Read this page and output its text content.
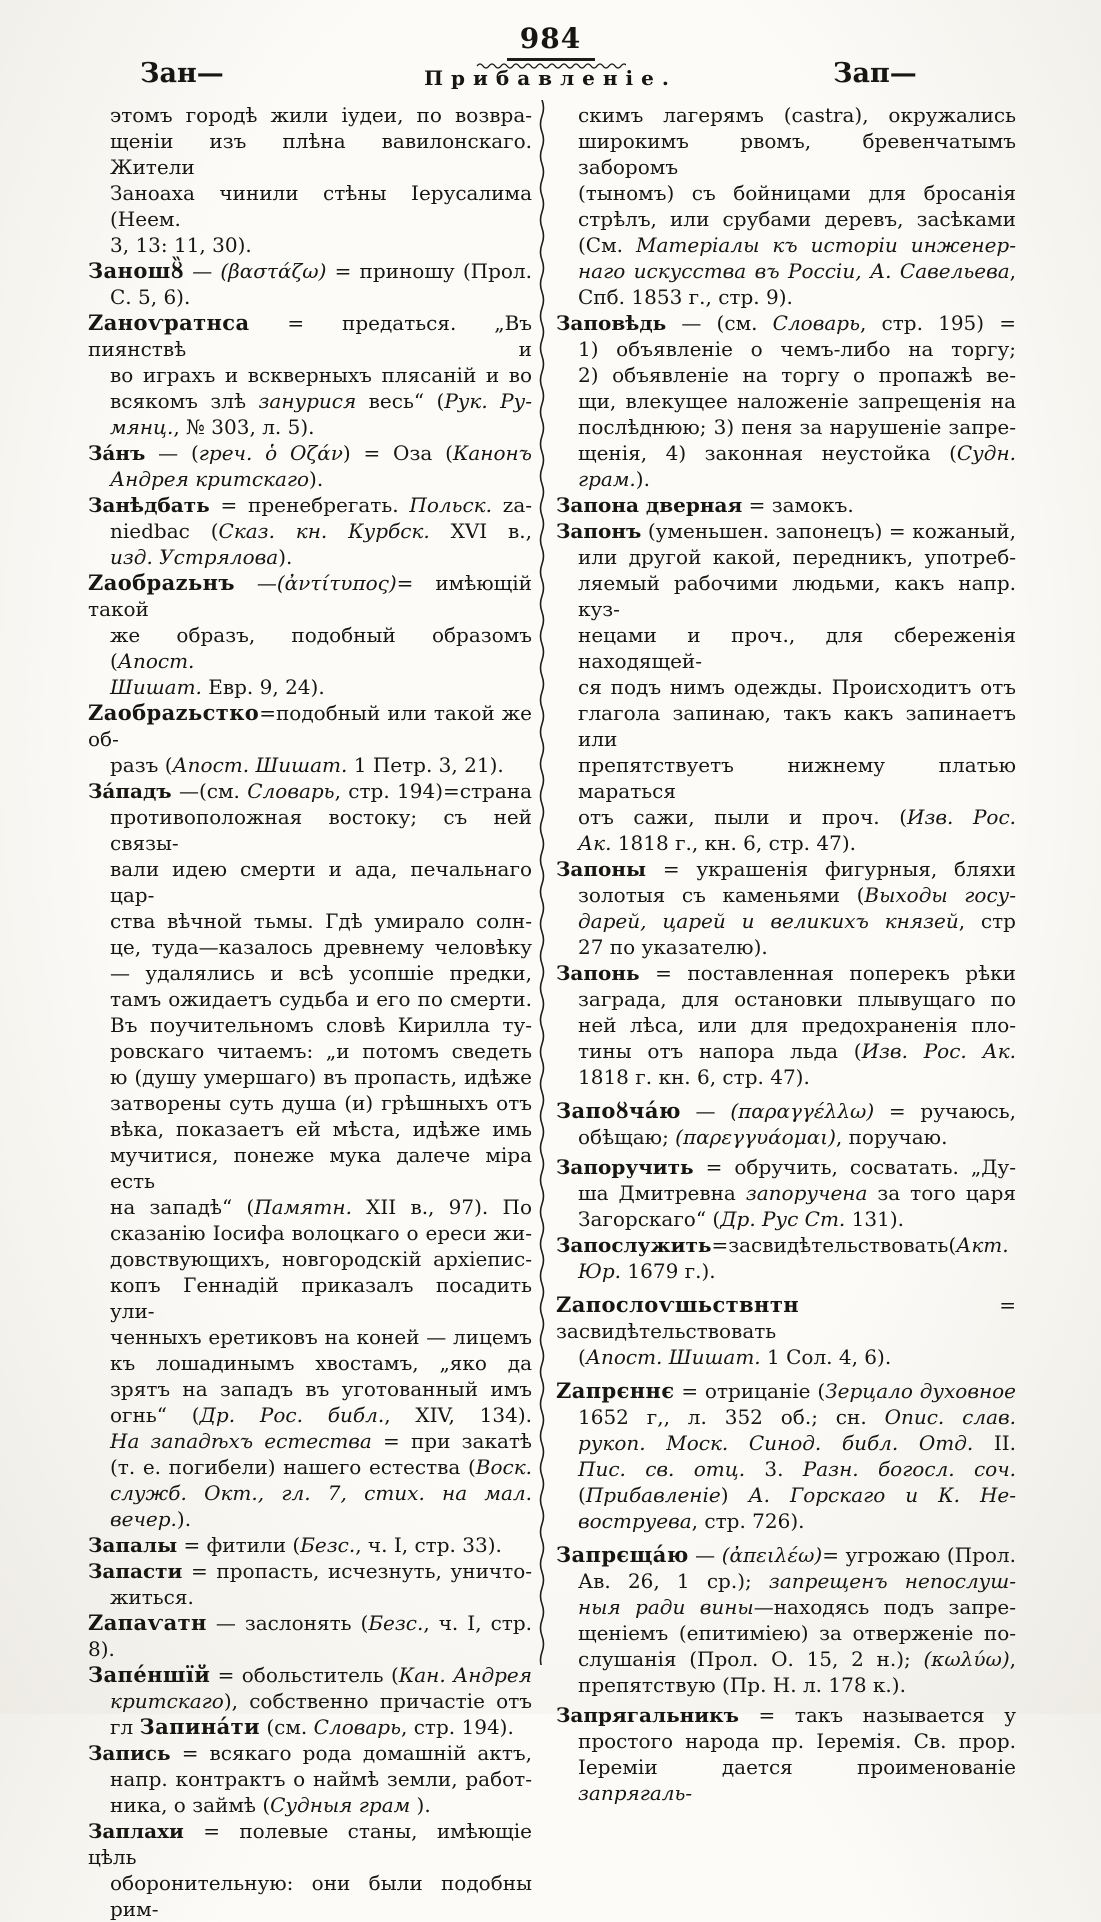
984
Зан—	Прибавленіе.	Зап—
этомъ городѣ жили іудеи, по возвра-
щеніи изъ плѣна вавилонскаго. Жители
Заноаха чинили стѣны Іерусалима (Неем.
3, 13: 11, 30).
Заношȣ̏ — (βαστάζω) = приношу (Прол.
С. 5, 6).
Zаноѵратнса = предаться. „Въ пиянствѣ и
во играхъ и вскверныхъ плясаній и во
всякомъ злѣ занурися весь“ (Рук. Ру-
мянц., № 303, л. 5).
За́нъ — (греч. ὁ Οζάν) = Оза (Канонъ
Андрея критскаго).
Занѣдбать = пренебрегать. Польск. za-
niedbac (Сказ. кн. Курбск. XVI в.,
изд. Устрялова).
Zаобраzьнъ —(ἀντίτυπος)= имѣющій такой
же образъ, подобный образомъ (Апост.
Шишат. Евр. 9, 24).
Zаобраzьстко=подобный или такой же об-
разъ (Апост. Шишат. 1 Петр. 3, 21).
За́падъ —(см. Словарь, стр. 194)=страна
противоположная востоку; съ ней связы-
вали идею смерти и ада, печальнаго цар-
ства вѣчной тьмы. Гдѣ умирало солн-
це, туда—казалось древнему человѣку
— удалялись и всѣ усопшіе предки,
тамъ ожидаетъ судьба и его по смерти.
Въ поучительномъ словѣ Кирилла ту-
ровскаго читаемъ: „и потомъ сведеть
ю (душу умершаго) въ пропасть, идѣже
затворены суть душа (и) грѣшныхъ отъ
вѣка, показаетъ ей мѣста, идѣже имь
мучитися, понеже мука далече міра есть
на западѣ“ (Памятн. XII в., 97). По
сказанію Іосифа волоцкаго о ереси жи-
довствующихъ, новгородскій архіепис-
копъ Геннадій приказалъ посадить ули-
ченныхъ еретиковъ на коней — лицемъ
къ лошадинымъ хвостамъ, „яко да
зрятъ на западъ въ уготованный имъ
огнь“ (Др. Рос. библ., XIV, 134).
На западѣхъ естества = при закатѣ
(т. е. погибели) нашего естества (Воск.
служб. Окт., гл. 7, стих. на мал.
вечер.).
Запалы = фитили (Безс., ч. I, стр. 33).
Запасти = пропасть, исчезнуть, уничто-
житься.
Zапаѵатн — заслонять (Безс., ч. I, стр. 8).
Запе́ншїй = обольститель (Кан. Андрея
критскаго), собственно причастіе отъ
гл Запина́ти (см. Словарь, стр. 194).
Запись = всякаго рода домашній актъ,
напр. контрактъ о наймѣ земли, работ-
ника, о займѣ (Судныя грам ).
Заплахи = полевые станы, имѣющіе цѣль
оборонительную: они были подобны рим-
скимъ лагерямъ (castra), окружались
широкимъ рвомъ, бревенчатымъ заборомъ
(тыномъ) съ бойницами для бросанія
стрѣлъ, или срубами деревъ, засѣками
(См. Матеріалы къ исторіи инженер-
наго искусства въ Россіи, А. Савельева,
Спб. 1853 г., стр. 9).
Заповѣдь — (см. Словарь, стр. 195) =
1) объявленіе о чемъ-либо на торгу;
2) объявленіе на торгу о пропажѣ ве-
щи, влекущее наложеніе запрещенія на
послѣднюю; 3) пеня за нарушеніе запре-
щенія, 4) законная неустойка (Судн.
грам.).
Запона дверная = замокъ.
Запонъ (уменьшен. запонецъ) = кожаный,
или другой какой, передникъ, употреб-
ляемый рабочими людьми, какъ напр. куз-
нецами и проч., для сбереженія находящей-
ся подъ нимъ одежды. Происходитъ отъ
глагола запинаю, такъ какъ запинаетъ или
препятствуетъ нижнему платью мараться
отъ сажи, пыли и проч. (Изв. Рос.
Ак. 1818 г., кн. 6, стр. 47).
Запоны = украшенія фигурныя, бляхи
золотыя съ каменьями (Выходы госу-
дарей, царей и великихъ князей, стр
27 по указателю).
Запонь = поставленная поперекъ рѣки
заграда, для остановки плывущаго по
ней лѣса, или для предохраненія пло-
тины отъ напора льда (Изв. Рос. Ак.
1818 г. кн. 6, стр. 47).
Запоȣча́ю — (παραγγέλλω) = ручаюсь,
обѣщаю; (παρεγγυάομαι), поручаю.
Запоручить = обручить, сосватать. „Ду-
ша Дмитревна запоручена за того царя
Загорскаго“ (Др. Рус Ст. 131).
Запослужить=засвидѣтельствовать(Акт.
Юр. 1679 г.).
Zапослоѵшьствнтн = засвидѣтельствовать
(Апост. Шишат. 1 Сол. 4, 6).
Zапрєннє = отрицаніе (Зерцало духовное
1652 г,, л. 352 об.; сн. Опис. слав.
рукоп. Моск. Синод. библ. Отд. II.
Пис. св. отц. 3. Разн. богосл. соч.
(Прибавленіе) А. Горскаго и К. Не-
воструева, стр. 726).
Запрєща́ю — (ἀπειλέω)= угрожаю (Прол.
Ав. 26, 1 ср.); запрещенъ непослуш-
ныя ради вины—находясь подъ запре-
щеніемъ (епитиміею) за отверженіе по-
слушанія (Прол. О. 15, 2 н.); (κωλύω),
препятствую (Пр. Н. л. 178 к.).
Запрягальникъ = такъ называется у
простого народа пр. Іеремія. Св. прор.
Іереміи дается проименованіе запрягаль-
